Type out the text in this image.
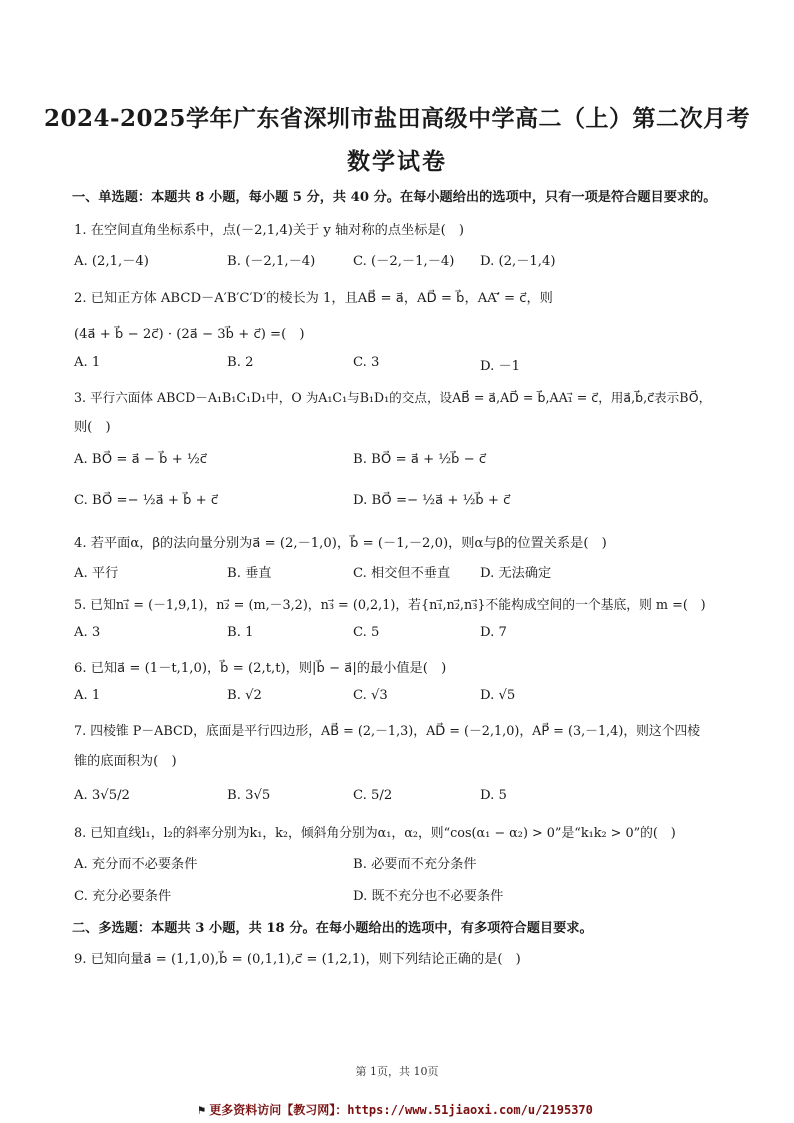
2024-2025学年广东省深圳市盐田高级中学高二（上）第二次月考
数学试卷
一、单选题：本题共 8 小题，每小题 5 分，共 40 分。在每小题给出的选项中，只有一项是符合题目要求的。
1. 在空间直角坐标系中，点(－2,1,4)关于 y 轴对称的点坐标是(　)
A. (2,1,－4)	B. (－2,1,－4)	C. (－2,－1,－4) D. (2,－1,4)
2. 已知正方体 ABCD－A′B′C′D′的棱长为 1，且AB⃗ = a⃗，AD⃗ = b⃗，AA′⃗ = c⃗，则
(4a⃗ + b⃗ − 2c⃗) · (2a⃗ − 3b⃗ + c⃗) =(　)
A. 1	B. 2	C. 3	D. －1
3. 平行六面体 ABCD－A₁B₁C₁D₁中，O 为A₁C₁与B₁D₁的交点，设AB⃗ = a⃗,AD⃗ = b⃗,AA₁⃗ = c⃗，用a⃗,b⃗,c⃗表示BO⃗，
则(　)
A. BO⃗ = a⃗ − b⃗ + ½c⃗	B. BO⃗ = a⃗ + ½b⃗ − c⃗
C. BO⃗ =− ½a⃗ + b⃗ + c⃗	D. BO⃗ =− ½a⃗ + ½b⃗ + c⃗
4. 若平面α，β的法向量分别为a⃗ = (2,－1,0)，b⃗ = (－1,－2,0)，则α与β的位置关系是(　)
A. 平行	B. 垂直	C. 相交但不垂直 D. 无法确定
5. 已知n₁⃗ = (－1,9,1)，n₂⃗ = (m,－3,2)，n₃⃗ = (0,2,1)，若{n₁⃗,n₂⃗,n₃⃗}不能构成空间的一个基底，则 m =(　)
A. 3	B. 1	C. 5	D. 7
6. 已知a⃗ = (1－t,1,0)，b⃗ = (2,t,t)，则|b⃗ − a⃗|的最小值是(　)
A. 1	B. √2	C. √3	D. √5
7. 四棱锥 P－ABCD，底面是平行四边形，AB⃗ = (2,－1,3)，AD⃗ = (－2,1,0)，AP⃗ = (3,－1,4)，则这个四棱
锥的底面积为(　)
A. 3√5/2	B. 3√5	C. 5/2	D. 5
8. 已知直线l₁，l₂的斜率分别为k₁，k₂，倾斜角分别为α₁，α₂，则“cos(α₁ − α₂) > 0”是“k₁k₂ > 0”的(　)
A. 充分而不必要条件	B. 必要而不充分条件
C. 充分必要条件	D. 既不充分也不必要条件
二、多选题：本题共 3 小题，共 18 分。在每小题给出的选项中，有多项符合题目要求。
9. 已知向量a⃗ = (1,1,0),b⃗ = (0,1,1),c⃗ = (1,2,1)，则下列结论正确的是(　)
第 1页，共 10页
⚑ 更多资料访问【教习网】：https://www.51jiaoxi.com/u/2195370
